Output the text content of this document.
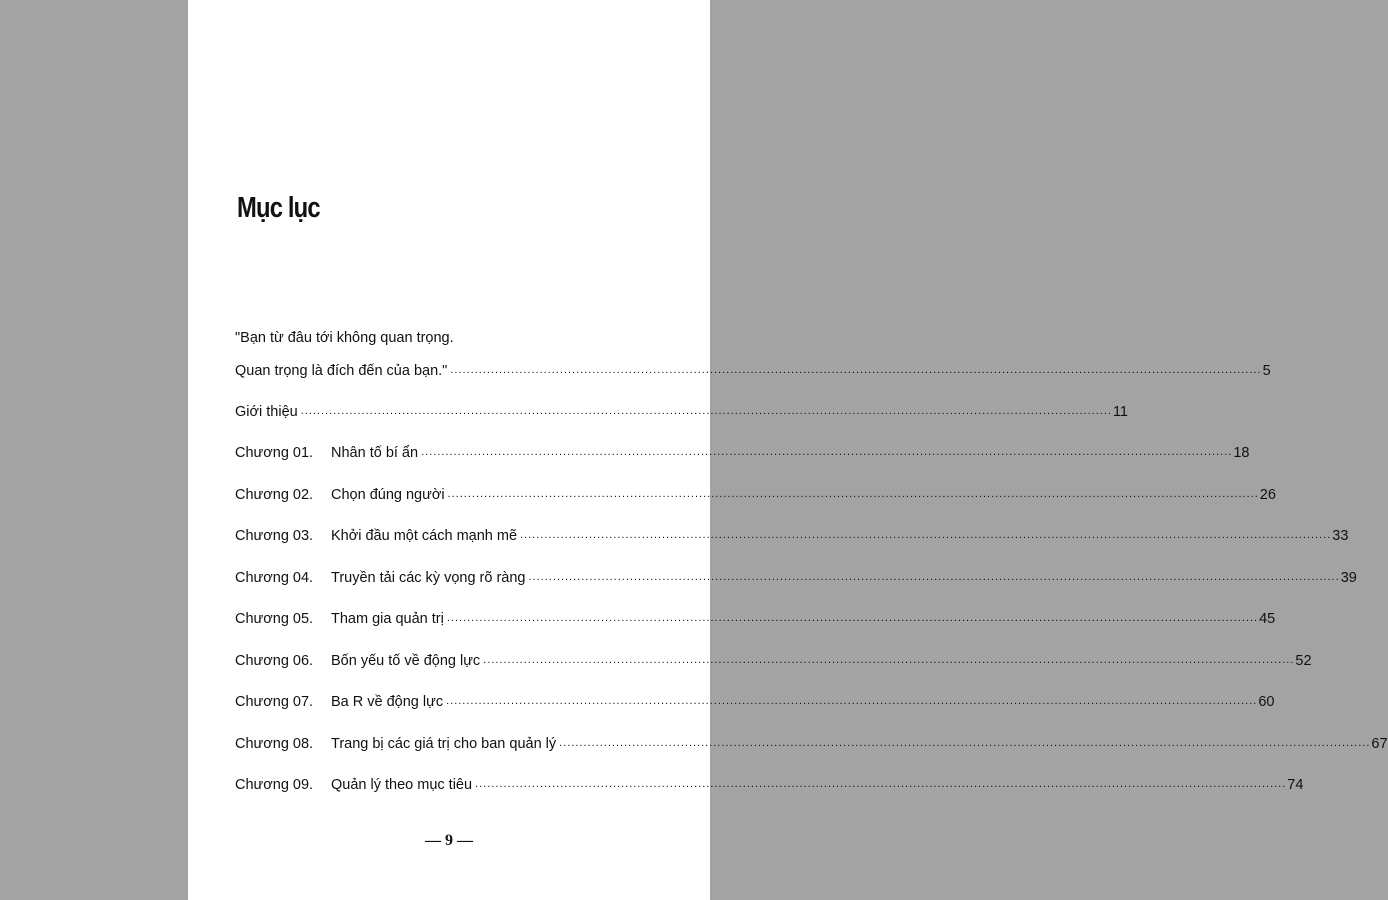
Mục lục
"Bạn từ đâu tới không quan trọng.
Quan trọng là đích đến của bạn." ........................................................................................................................................................................................................ 5
Giới thiệu ........................................................................................................................................................................................................ 11
Chương 01.	Nhân tố bí ẩn ........................................................................................................................................................................................................ 18
Chương 02.	Chọn đúng người ........................................................................................................................................................................................................ 26
Chương 03.	Khởi đầu một cách mạnh mẽ ........................................................................................................................................................................................................ 33
Chương 04.	Truyền tải các kỳ vọng rõ ràng ........................................................................................................................................................................................................ 39
Chương 05.	Tham gia quản trị ........................................................................................................................................................................................................ 45
Chương 06.	Bốn yếu tố về động lực ........................................................................................................................................................................................................ 52
Chương 07.	Ba R về động lực ........................................................................................................................................................................................................ 60
Chương 08.	Trang bị các giá trị cho ban quản lý ........................................................................................................................................................................................................ 67
Chương 09.	Quản lý theo mục tiêu ........................................................................................................................................................................................................ 74
— 9 —
